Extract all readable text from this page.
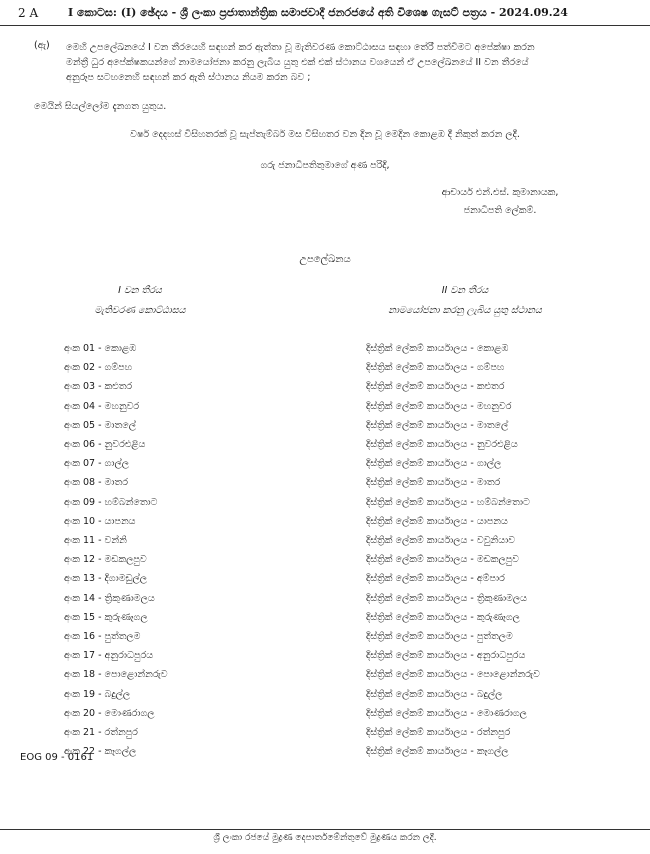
2 A	I කොටස: (I) ඡේදය - ශ්‍රී ලංකා ප්‍රජාතාන්ත්‍රික සමාජවාදී ජනරජයේ අති විශෙෂ ගැසට් පත්‍රය - 2024.09.24
(ඇ) මෙහි උපලේඛනයේ I වන තීරයෙහි සඳහන් කර ඇත්තා වූ මැතිවරණ කොට්ඨාසය සඳහා තේරී පත්වීමට අපේක්ෂා කරන
මන්ත්‍රී ධුර අපේක්ෂකයන්ගේ නාමයෝජනා කරනු ලැබිය යුතු එක් එක් ස්ථානය වශයෙන් ඒ උපලේඛනයේ II වන තීරයේ
අනුරූප සටහනෙහි සඳහන් කර ඇති ස්ථානය නියම කරන බව ;
මෙයින් සියල්ලෝම දැනගත යුතුය.
වර්ෂ දෙදහස් විසිහතරක් වූ සැප්තැම්බර් මස විසිහතර වන දින වූ මෙදින කොළඹ දී නිකුත් කරන ලදී.
ගරු ජනාධිපතිතුමාගේ අණ පරිදි,
ආචාර්ය එන්.එස්. කුමානායක,
ජනාධිපති ලේකම්.
උපලේඛනය
I වන තීරය
මැතිවරණ කොට්ඨාසය
II වන තීරය
නාමයෝජනා කරනු ලැබිය යුතු ස්ථානය
අංක 01 - කොළඹ	දිස්ත්‍රික් ලේකම් කාර්යාලය - කොළඹ
අංක 02 - ගම්පහ	දිස්ත්‍රික් ලේකම් කාර්යාලය - ගම්පහ
අංක 03 - කළුතර	දිස්ත්‍රික් ලේකම් කාර්යාලය - කළුතර
අංක 04 - මහනුවර	දිස්ත්‍රික් ලේකම් කාර්යාලය - මහනුවර
අංක 05 - මාතලේ	දිස්ත්‍රික් ලේකම් කාර්යාලය - මාතලේ
අංක 06 - නුවරඑළිය	දිස්ත්‍රික් ලේකම් කාර්යාලය - නුවරඑළිය
අංක 07 - ගාල්ල	දිස්ත්‍රික් ලේකම් කාර්යාලය - ගාල්ල
අංක 08 - මාතර	දිස්ත්‍රික් ලේකම් කාර්යාලය - මාතර
අංක 09 - හම්බන්තොට	දිස්ත්‍රික් ලේකම් කාර්යාලය - හම්බන්තොට
අංක 10 - යාපනය	දිස්ත්‍රික් ලේකම් කාර්යාලය - යාපනය
අංක 11 - වන්නි	දිස්ත්‍රික් ලේකම් කාර්යාලය - වවුනියාව
අංක 12 - මඩකලපුව	දිස්ත්‍රික් ලේකම් කාර්යාලය - මඩකලපුව
අංක 13 - දිගාමඩුල්ල	දිස්ත්‍රික් ලේකම් කාර්යාලය - අම්පාර
අංක 14 - ත්‍රිකුණාමලය	දිස්ත්‍රික් ලේකම් කාර්යාලය - ත්‍රිකුණාමලය
අංක 15 - කුරුණෑගල	දිස්ත්‍රික් ලේකම් කාර්යාලය - කුරුණෑගල
අංක 16 - පුත්තලම	දිස්ත්‍රික් ලේකම් කාර්යාලය - පුත්තලම
අංක 17 - අනුරාධපුරය	දිස්ත්‍රික් ලේකම් කාර්යාලය - අනුරාධපුරය
අංක 18 - පොළොන්නරුව	දිස්ත්‍රික් ලේකම් කාර්යාලය - පොළොන්නරුව
අංක 19 - බදුල්ල	දිස්ත්‍රික් ලේකම් කාර්යාලය - බදුල්ල
අංක 20 - මොණරාගල	දිස්ත්‍රික් ලේකම් කාර්යාලය - මොණරාගල
අංක 21 - රත්නපුර	දිස්ත්‍රික් ලේකම් කාර්යාලය - රත්නපුර
අංක 22 - කෑගල්ල	දිස්ත්‍රික් ලේකම් කාර්යාලය - කෑගල්ල
EOG 09 - 0161
ශ්‍රී ලංකා රජයේ මුද්‍රණ දෙපාර්තමේන්තුවේ මුද්‍රණය කරන ලදී.
